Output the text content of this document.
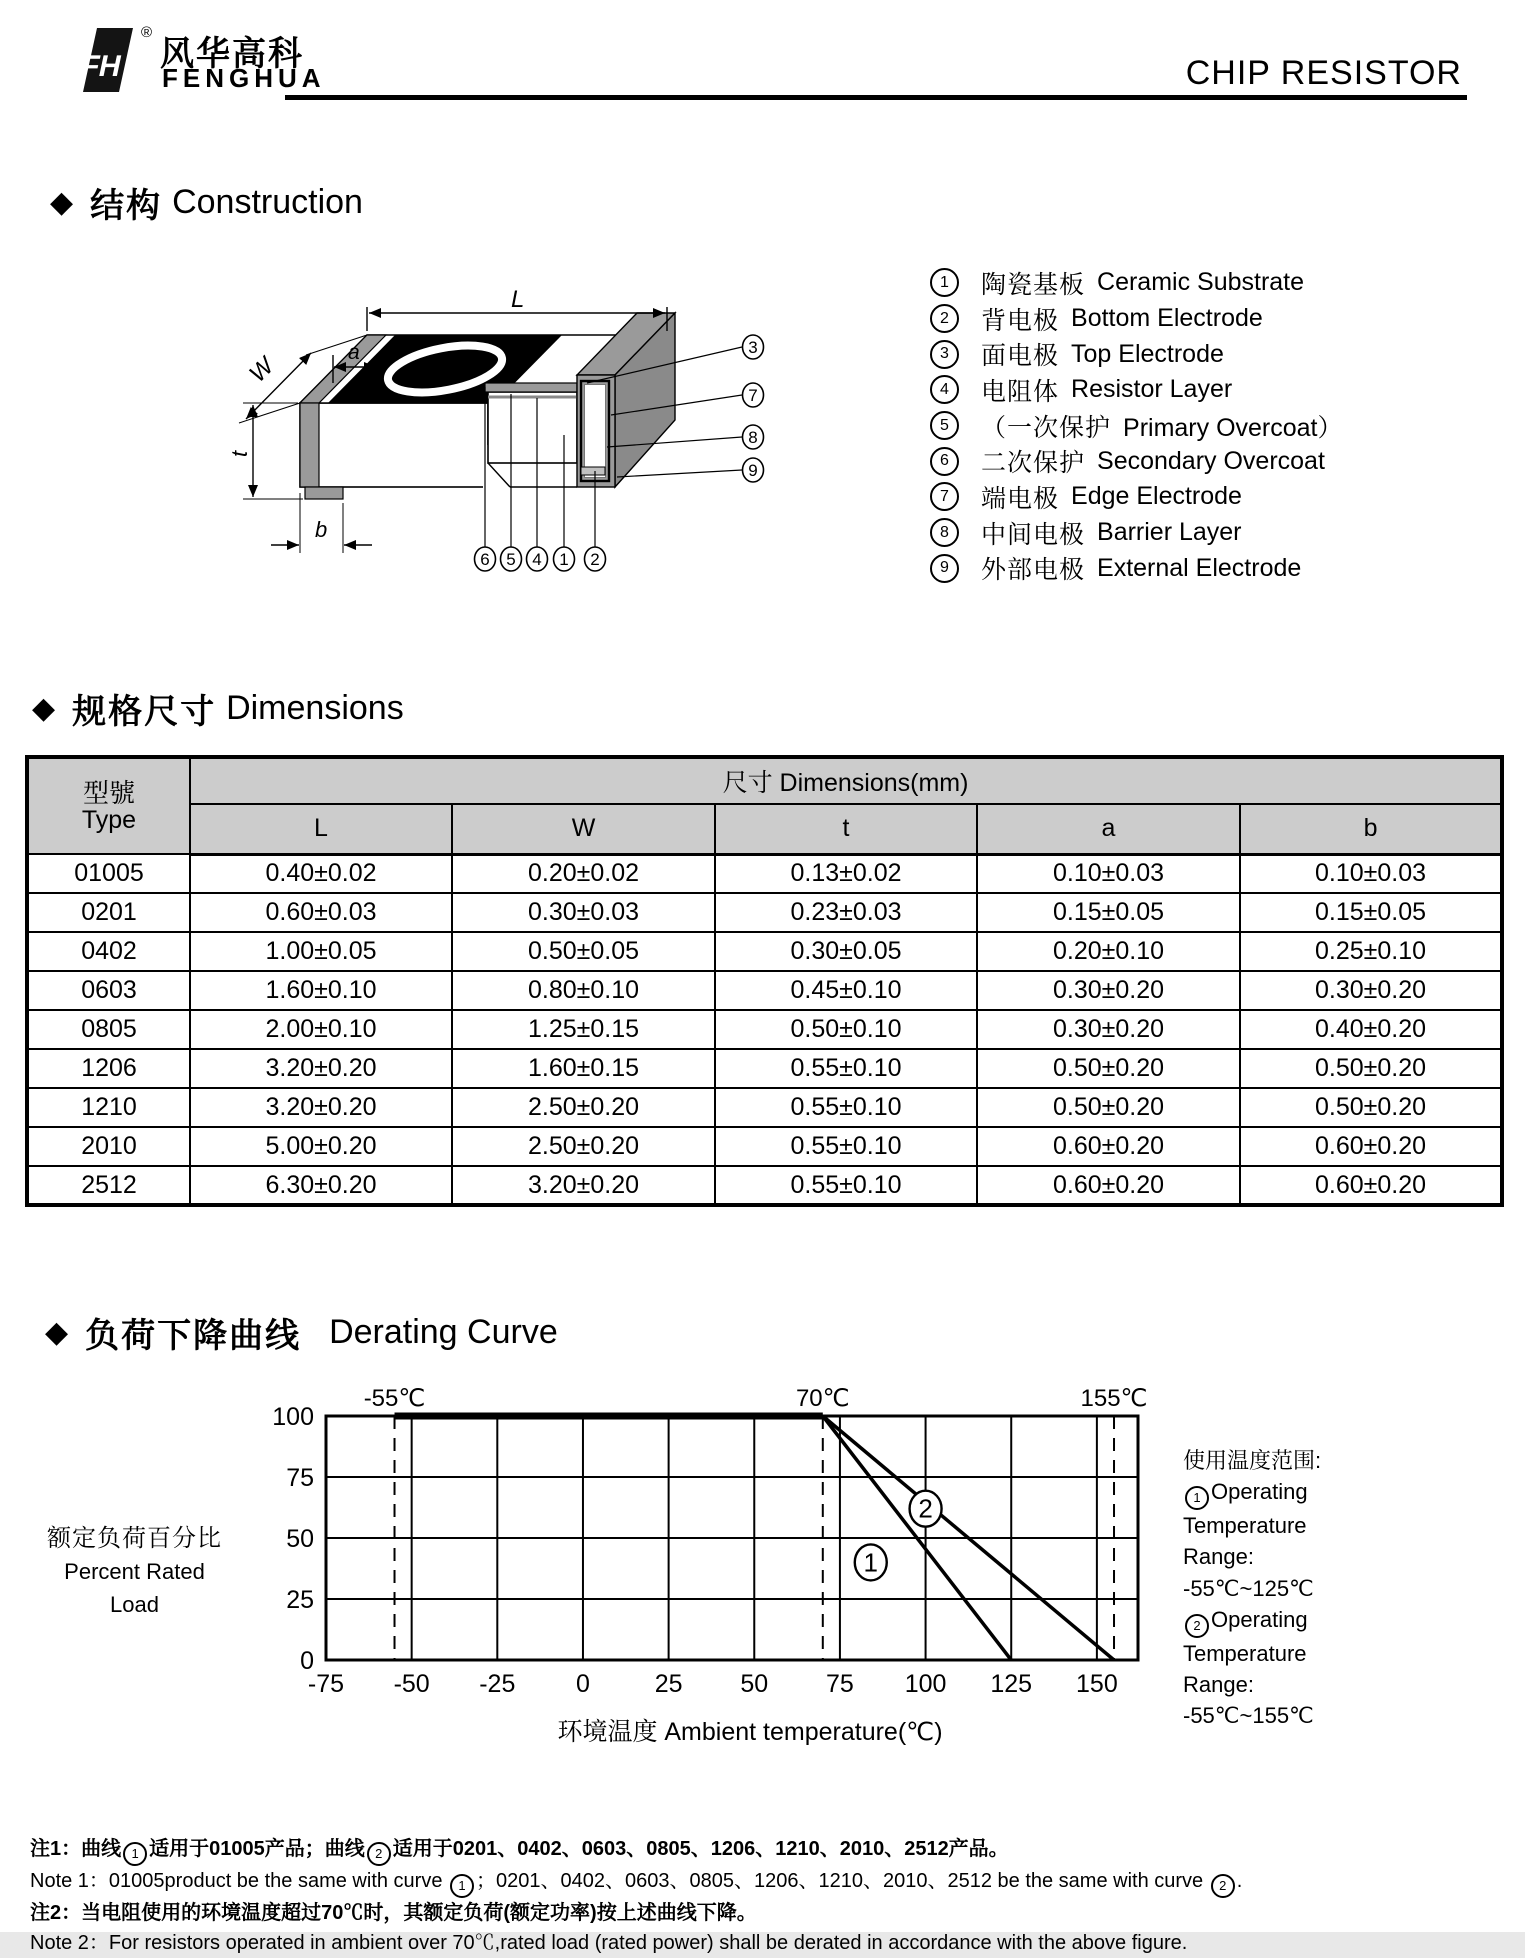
FH
®
风华高科
FENGHUA	CHIP RESISTOR
◆ 结构 Construction
L
a
W
t
b
3
7
8
9
6 5 4 1 2
1	陶瓷基板 Ceramic Substrate
2	背电极 Bottom Electrode
3	面电极 Top Electrode
4	电阻体 Resistor Layer
5	（一次保护 Primary Overcoat）
6	二次保护 Secondary Overcoat
7	端电极 Edge Electrode
8	中间电极 Barrier Layer
9	外部电极 External Electrode
◆ 规格尺寸 Dimensions
型號
Type	尺寸 Dimensions(mm)				
	L	W	t	a	b
01005	0.40±0.02	0.20±0.02	0.13±0.02	0.10±0.03	0.10±0.03
0201	0.60±0.03	0.30±0.03	0.23±0.03	0.15±0.05	0.15±0.05
0402	1.00±0.05	0.50±0.05	0.30±0.05	0.20±0.10	0.25±0.10
0603	1.60±0.10	0.80±0.10	0.45±0.10	0.30±0.20	0.30±0.20
0805	2.00±0.10	1.25±0.15	0.50±0.10	0.30±0.20	0.40±0.20
1206	3.20±0.20	1.60±0.15	0.55±0.10	0.50±0.20	0.50±0.20
1210	3.20±0.20	2.50±0.20	0.55±0.10	0.50±0.20	0.50±0.20
2010	5.00±0.20	2.50±0.20	0.55±0.10	0.60±0.20	0.60±0.20
2512	6.30±0.20	3.20±0.20	0.55±0.10	0.60±0.20	0.60±0.20
◆ 负荷下降曲线 Derating Curve
额定负荷百分比
Percent Rated Load
-55℃	70℃	155℃
0
25
50
75
100
-75 -50 -25 0	25 50 75 100 125 150
1
2
环境温度 Ambient temperature(℃)
使用温度范围:
1 Operating
Temperature
Range:
-55℃~125℃
2 Operating
Temperature
Range:
-55℃~155℃
注1：曲线 1 适用于01005产品；曲线 2 适用于0201、0402、0603、0805、1206、1210、2010、2512产品。
Note 1：01005product be the same with curve 1 ；0201、0402、0603、0805、1206、1210、2010、2512 be the same with curve 2 .
注2：当电阻使用的环境温度超过70℃时，其额定负荷(额定功率)按上述曲线下降。
Note 2：For resistors operated in ambient over 70℃,rated load (rated power) shall be derated in accordance with the above figure.
